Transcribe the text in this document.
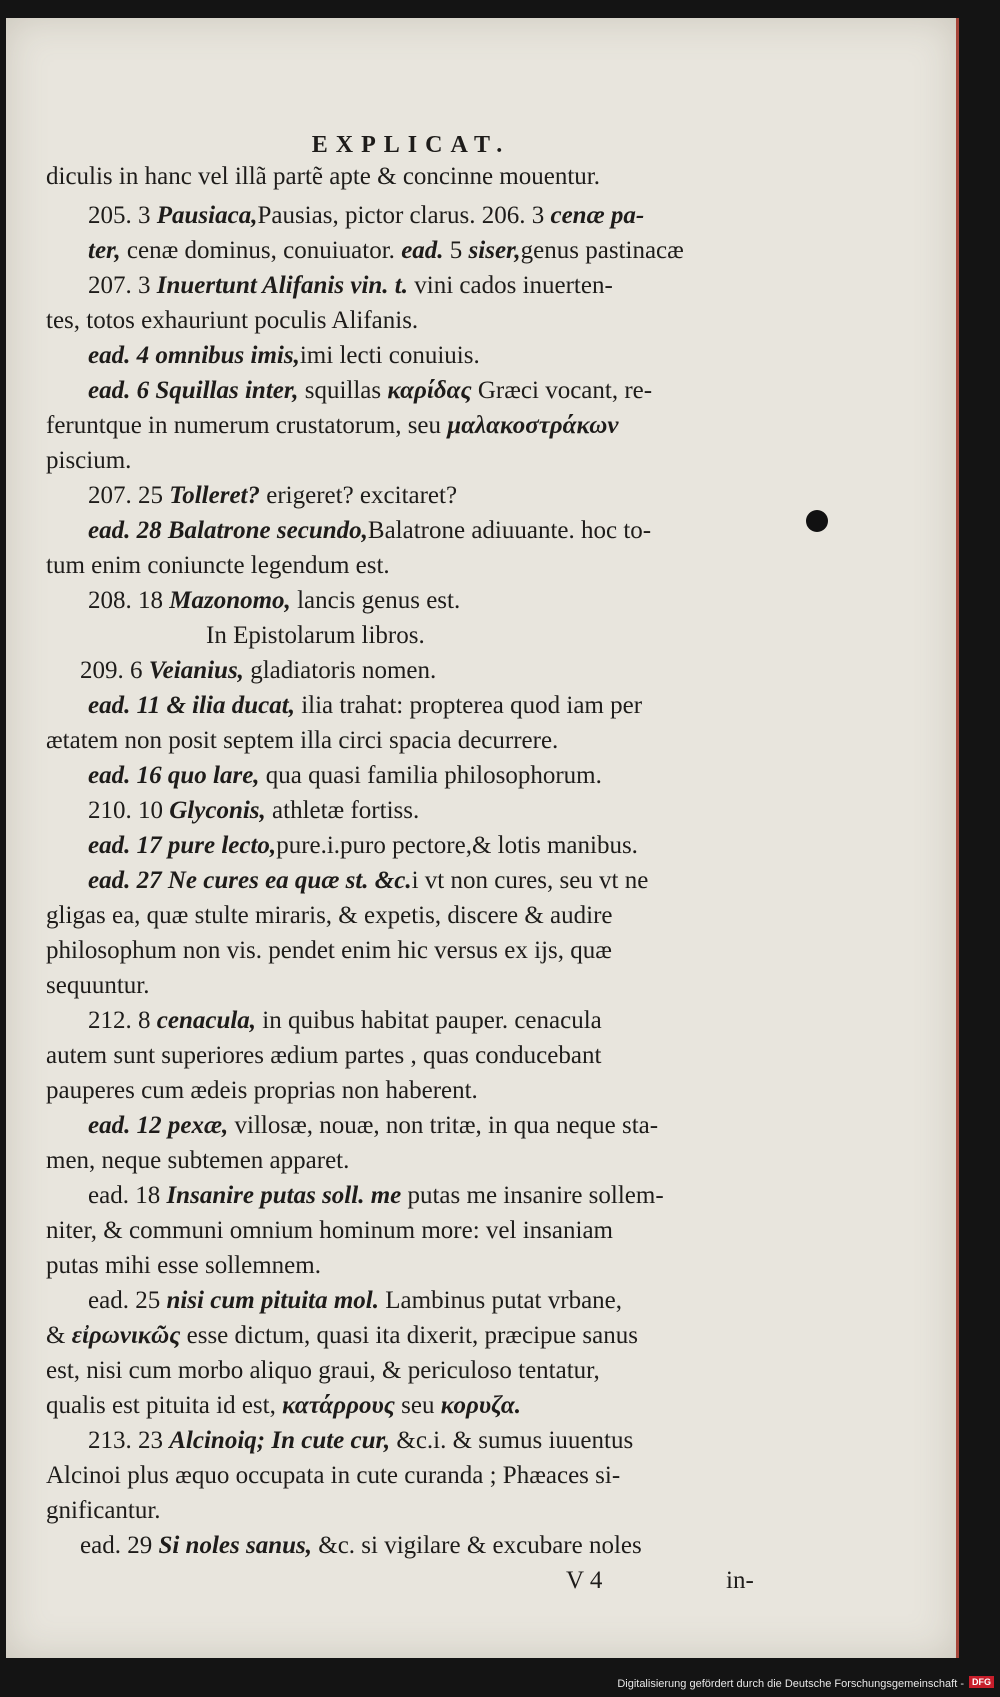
EXPLICAT.
diculis in hanc vel illã partẽ apte & concinne mouentur.
205. 3 Pausiaca,Pausias, pictor clarus. 206. 3 cenæ pa-
ter, cenæ dominus, conuiuator. ead. 5 siser,genus pastinacæ
207. 3 Inuertunt Alifanis vin. t. vini cados inuerten-
tes, totos exhauriunt poculis Alifanis.
ead. 4 omnibus imis,imi lecti conuiuis.
ead. 6 Squillas inter, squillas καρίδας Græci vocant, re-
feruntque in numerum crustatorum, seu μαλακοστράκων
piscium.
207. 25 Tolleret? erigeret? excitaret?
ead. 28 Balatrone secundo,Balatrone adiuuante. hoc to-
tum enim coniuncte legendum est.
208. 18 Mazonomo, lancis genus est.
In Epistolarum libros.
209. 6 Veianius, gladiatoris nomen.
ead. 11 & ilia ducat, ilia trahat: propterea quod iam per
ætatem non posit septem illa circi spacia decurrere.
ead. 16 quo lare, qua quasi familia philosophorum.
210. 10 Glyconis, athletæ fortiss.
ead. 17 pure lecto,pure.i.puro pectore,& lotis manibus.
ead. 27 Ne cures ea quæ st. &c.i vt non cures, seu vt ne
gligas ea, quæ stulte miraris, & expetis, discere & audire
philosophum non vis. pendet enim hic versus ex ijs, quæ
sequuntur.
212. 8 cenacula, in quibus habitat pauper. cenacula
autem sunt superiores ædium partes , quas conducebant
pauperes cum ædeis proprias non haberent.
ead. 12 pexæ, villosæ, nouæ, non tritæ, in qua neque sta-
men, neque subtemen apparet.
ead. 18 Insanire putas soll. me putas me insanire sollem-
niter, & communi omnium hominum more: vel insaniam
putas mihi esse sollemnem.
ead. 25 nisi cum pituita mol. Lambinus putat vrbane,
& εἰρωνικῶς esse dictum, quasi ita dixerit, præcipue sanus
est, nisi cum morbo aliquo graui, & periculoso tentatur,
qualis est pituita id est, κατάρρους seu κορυζα.
213. 23 Alcinoiq; In cute cur, &c.i. & sumus iuuentus
Alcinoi plus æquo occupata in cute curanda ; Phæaces si-
gnificantur.
ead. 29 Si noles sanus, &c. si vigilare & excubare noles
V 4	in-
Digitalisierung gefördert durch die Deutsche Forschungsgemeinschaft - DFG
